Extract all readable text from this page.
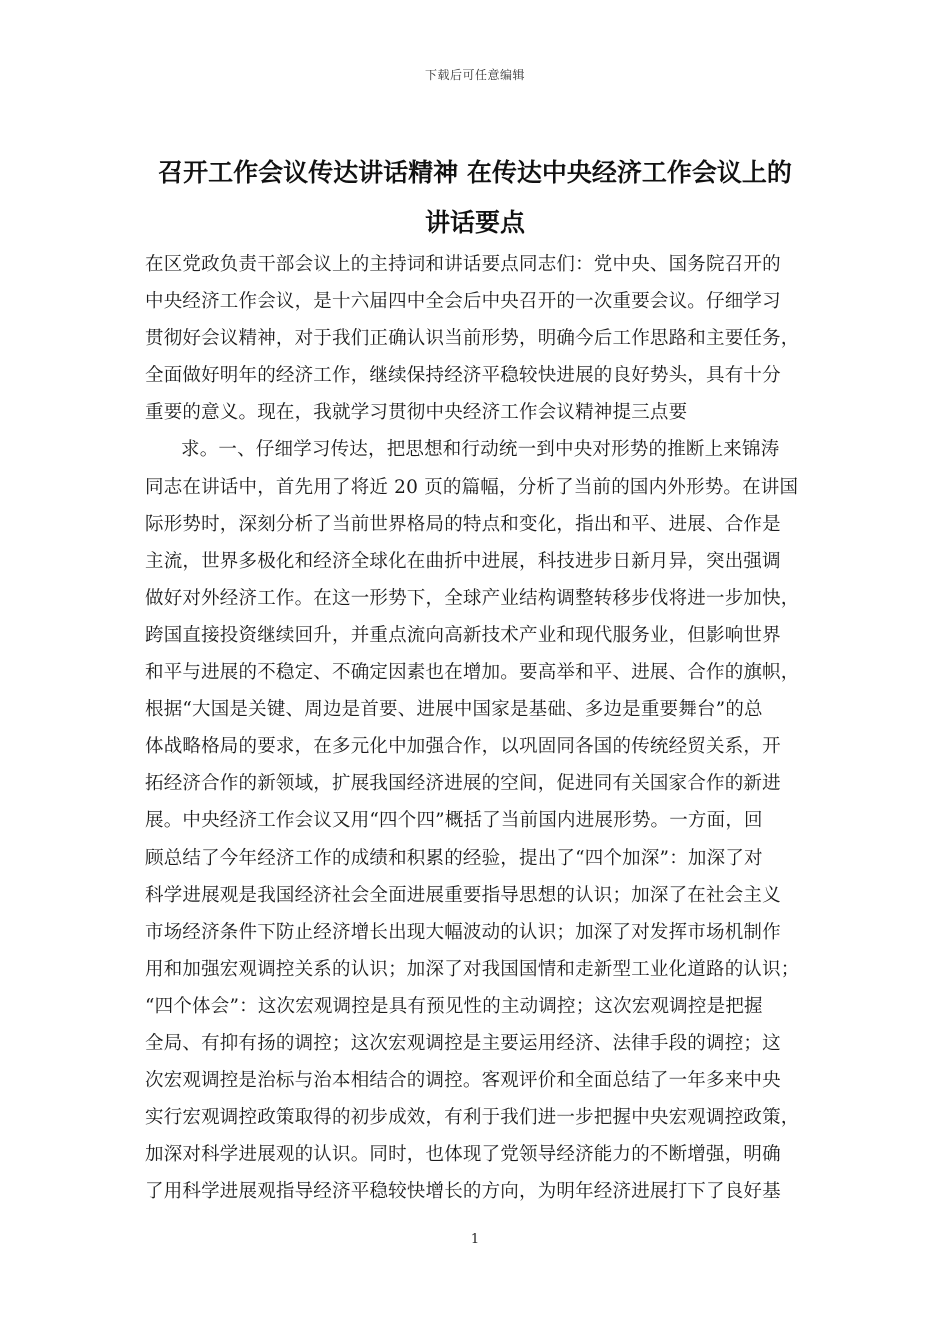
下载后可任意编辑
召开工作会议传达讲话精神 在传达中央经济工作会议上的
讲话要点
在区党政负责干部会议上的主持词和讲话要点同志们：党中央、国务院召开的
中央经济工作会议，是十六届四中全会后中央召开的一次重要会议。仔细学习
贯彻好会议精神，对于我们正确认识当前形势，明确今后工作思路和主要任务，
全面做好明年的经济工作，继续保持经济平稳较快进展的良好势头，具有十分
重要的意义。现在，我就学习贯彻中央经济工作会议精神提三点要
求。一、仔细学习传达，把思想和行动统一到中央对形势的推断上来锦涛
同志在讲话中，首先用了将近 20 页的篇幅，分析了当前的国内外形势。在讲国
际形势时，深刻分析了当前世界格局的特点和变化，指出和平、进展、合作是
主流，世界多极化和经济全球化在曲折中进展，科技进步日新月异，突出强调
做好对外经济工作。在这一形势下，全球产业结构调整转移步伐将进一步加快，
跨国直接投资继续回升，并重点流向高新技术产业和现代服务业，但影响世界
和平与进展的不稳定、不确定因素也在增加。要高举和平、进展、合作的旗帜，
根据“大国是关键、周边是首要、进展中国家是基础、多边是重要舞台”的总
体战略格局的要求，在多元化中加强合作，以巩固同各国的传统经贸关系，开
拓经济合作的新领域，扩展我国经济进展的空间，促进同有关国家合作的新进
展。中央经济工作会议又用“四个四”概括了当前国内进展形势。一方面，回
顾总结了今年经济工作的成绩和积累的经验，提出了“四个加深”：加深了对
科学进展观是我国经济社会全面进展重要指导思想的认识；加深了在社会主义
市场经济条件下防止经济增长出现大幅波动的认识；加深了对发挥市场机制作
用和加强宏观调控关系的认识；加深了对我国国情和走新型工业化道路的认识；
“四个体会”：这次宏观调控是具有预见性的主动调控；这次宏观调控是把握
全局、有抑有扬的调控；这次宏观调控是主要运用经济、法律手段的调控；这
次宏观调控是治标与治本相结合的调控。客观评价和全面总结了一年多来中央
实行宏观调控政策取得的初步成效，有利于我们进一步把握中央宏观调控政策，
加深对科学进展观的认识。同时，也体现了党领导经济能力的不断增强，明确
了用科学进展观指导经济平稳较快增长的方向，为明年经济进展打下了良好基
1
